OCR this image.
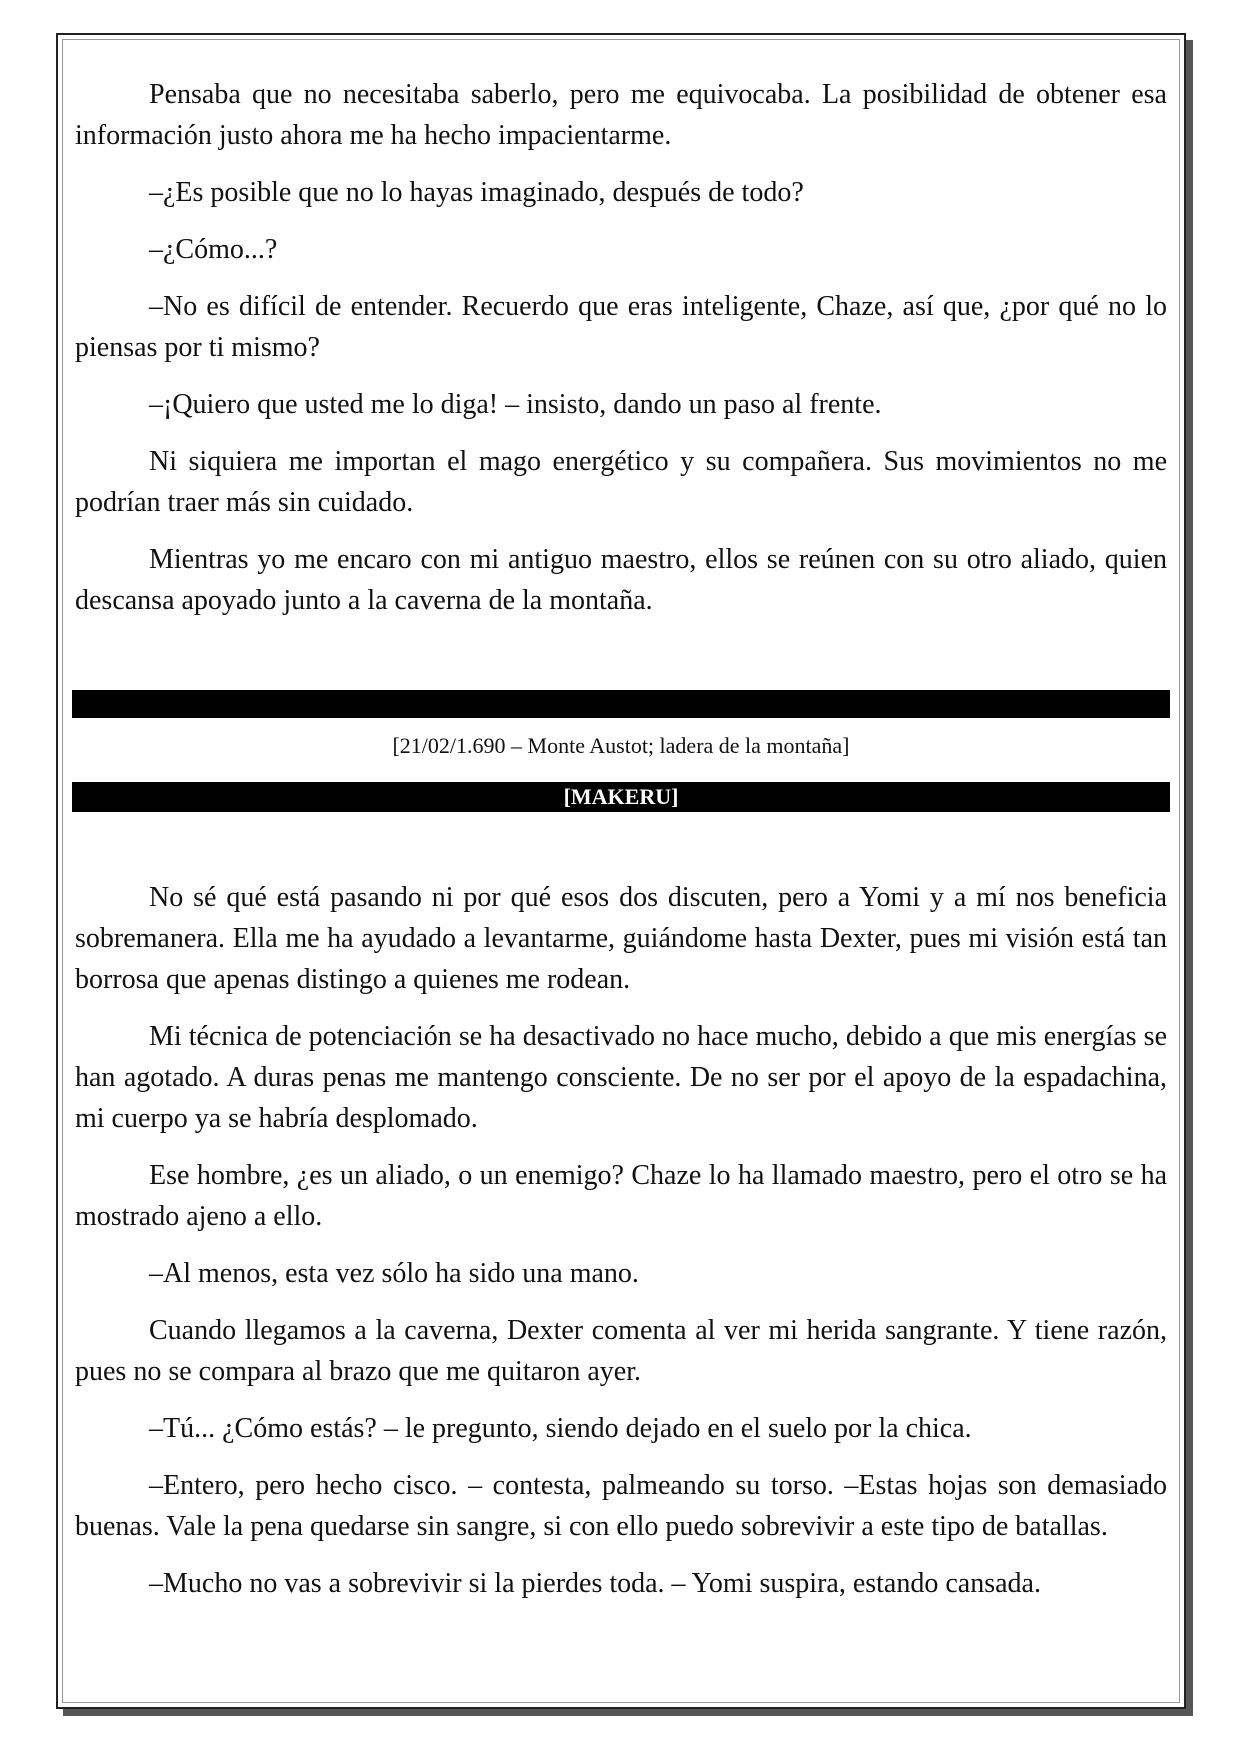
Pensaba que no necesitaba saberlo, pero me equivocaba. La posibilidad de obtener esa información justo ahora me ha hecho impacientarme.

–¿Es posible que no lo hayas imaginado, después de todo?

–¿Cómo...?

–No es difícil de entender. Recuerdo que eras inteligente, Chaze, así que, ¿por qué no lo piensas por ti mismo?

–¡Quiero que usted me lo diga! – insisto, dando un paso al frente.

Ni siquiera me importan el mago energético y su compañera. Sus movimientos no me podrían traer más sin cuidado.

Mientras yo me encaro con mi antiguo maestro, ellos se reúnen con su otro aliado, quien descansa apoyado junto a la caverna de la montaña.

[21/02/1.690 – Monte Austot; ladera de la montaña]
[MAKERU]

No sé qué está pasando ni por qué esos dos discuten, pero a Yomi y a mí nos beneficia sobremanera. Ella me ha ayudado a levantarme, guiándome hasta Dexter, pues mi visión está tan borrosa que apenas distingo a quienes me rodean.

Mi técnica de potenciación se ha desactivado no hace mucho, debido a que mis energías se han agotado. A duras penas me mantengo consciente. De no ser por el apoyo de la espadachina, mi cuerpo ya se habría desplomado.

Ese hombre, ¿es un aliado, o un enemigo? Chaze lo ha llamado maestro, pero el otro se ha mostrado ajeno a ello.

–Al menos, esta vez sólo ha sido una mano.

Cuando llegamos a la caverna, Dexter comenta al ver mi herida sangrante. Y tiene razón, pues no se compara al brazo que me quitaron ayer.

–Tú... ¿Cómo estás? – le pregunto, siendo dejado en el suelo por la chica.

–Entero, pero hecho cisco. – contesta, palmeando su torso. –Estas hojas son demasiado buenas. Vale la pena quedarse sin sangre, si con ello puedo sobrevivir a este tipo de batallas.

–Mucho no vas a sobrevivir si la pierdes toda. – Yomi suspira, estando cansada.
